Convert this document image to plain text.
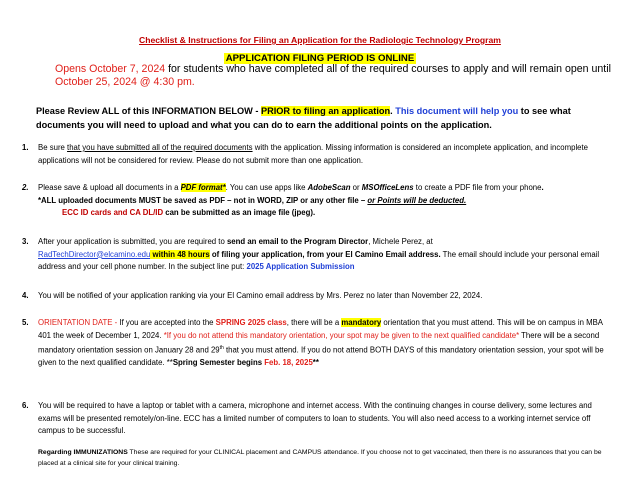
Checklist & Instructions for Filing an Application for the Radiologic Technology Program
APPLICATION FILING PERIOD IS ONLINE
Opens October 7, 2024 for students who have completed all of the required courses to apply and will remain open until October 25, 2024 @ 4:30 pm.
Please Review ALL of this INFORMATION BELOW - PRIOR to filing an application. This document will help you to see what documents you will need to upload and what you can do to earn the additional points on the application.
1.	Be sure that you have submitted all of the required documents with the application. Missing information is considered an incomplete application, and incomplete applications will not be considered for review. Please do not submit more than one application.
2.	Please save & upload all documents in a PDF format*. You can use apps like AdobeScan or MSOfficeLens to create a PDF file from your phone.
*ALL uploaded documents MUST be saved as PDF – not in WORD, ZIP or any other file – or Points will be deducted.
ECC ID cards and CA DL/ID can be submitted as an image file (jpeg).
3.	After your application is submitted, you are required to send an email to the Program Director, Michele Perez, at
RadTechDirector@elcamino.edu within 48 hours of filing your application, from your El Camino Email address. The email should include your personal email address and your cell phone number. In the subject line put: 2025 Application Submission
4.	You will be notified of your application ranking via your El Camino email address by Mrs. Perez no later than November 22, 2024.
5.	ORIENTATION DATE - If you are accepted into the SPRING 2025 class, there will be a mandatory orientation that you must attend. This will be on campus in MBA 401 the week of December 1, 2024. *If you do not attend this mandatory orientation, your spot may be given to the next qualified candidate* There will be a second mandatory orientation session on January 28 and 29th that you must attend. If you do not attend BOTH DAYS of this mandatory orientation session, your spot will be given to the next qualified candidate. **Spring Semester begins Feb. 18, 2025**
6.	You will be required to have a laptop or tablet with a camera, microphone and internet access. With the continuing changes in course delivery, some lectures and exams will be presented remotely/on-line. ECC has a limited number of computers to loan to students. You will also need access to a working internet service off campus to be successful.
Regarding IMMUNIZATIONS These are required for your CLINICAL placement and CAMPUS attendance. If you choose not to get vaccinated, then there is no assurances that you can be placed at a clinical site for your clinical training.
